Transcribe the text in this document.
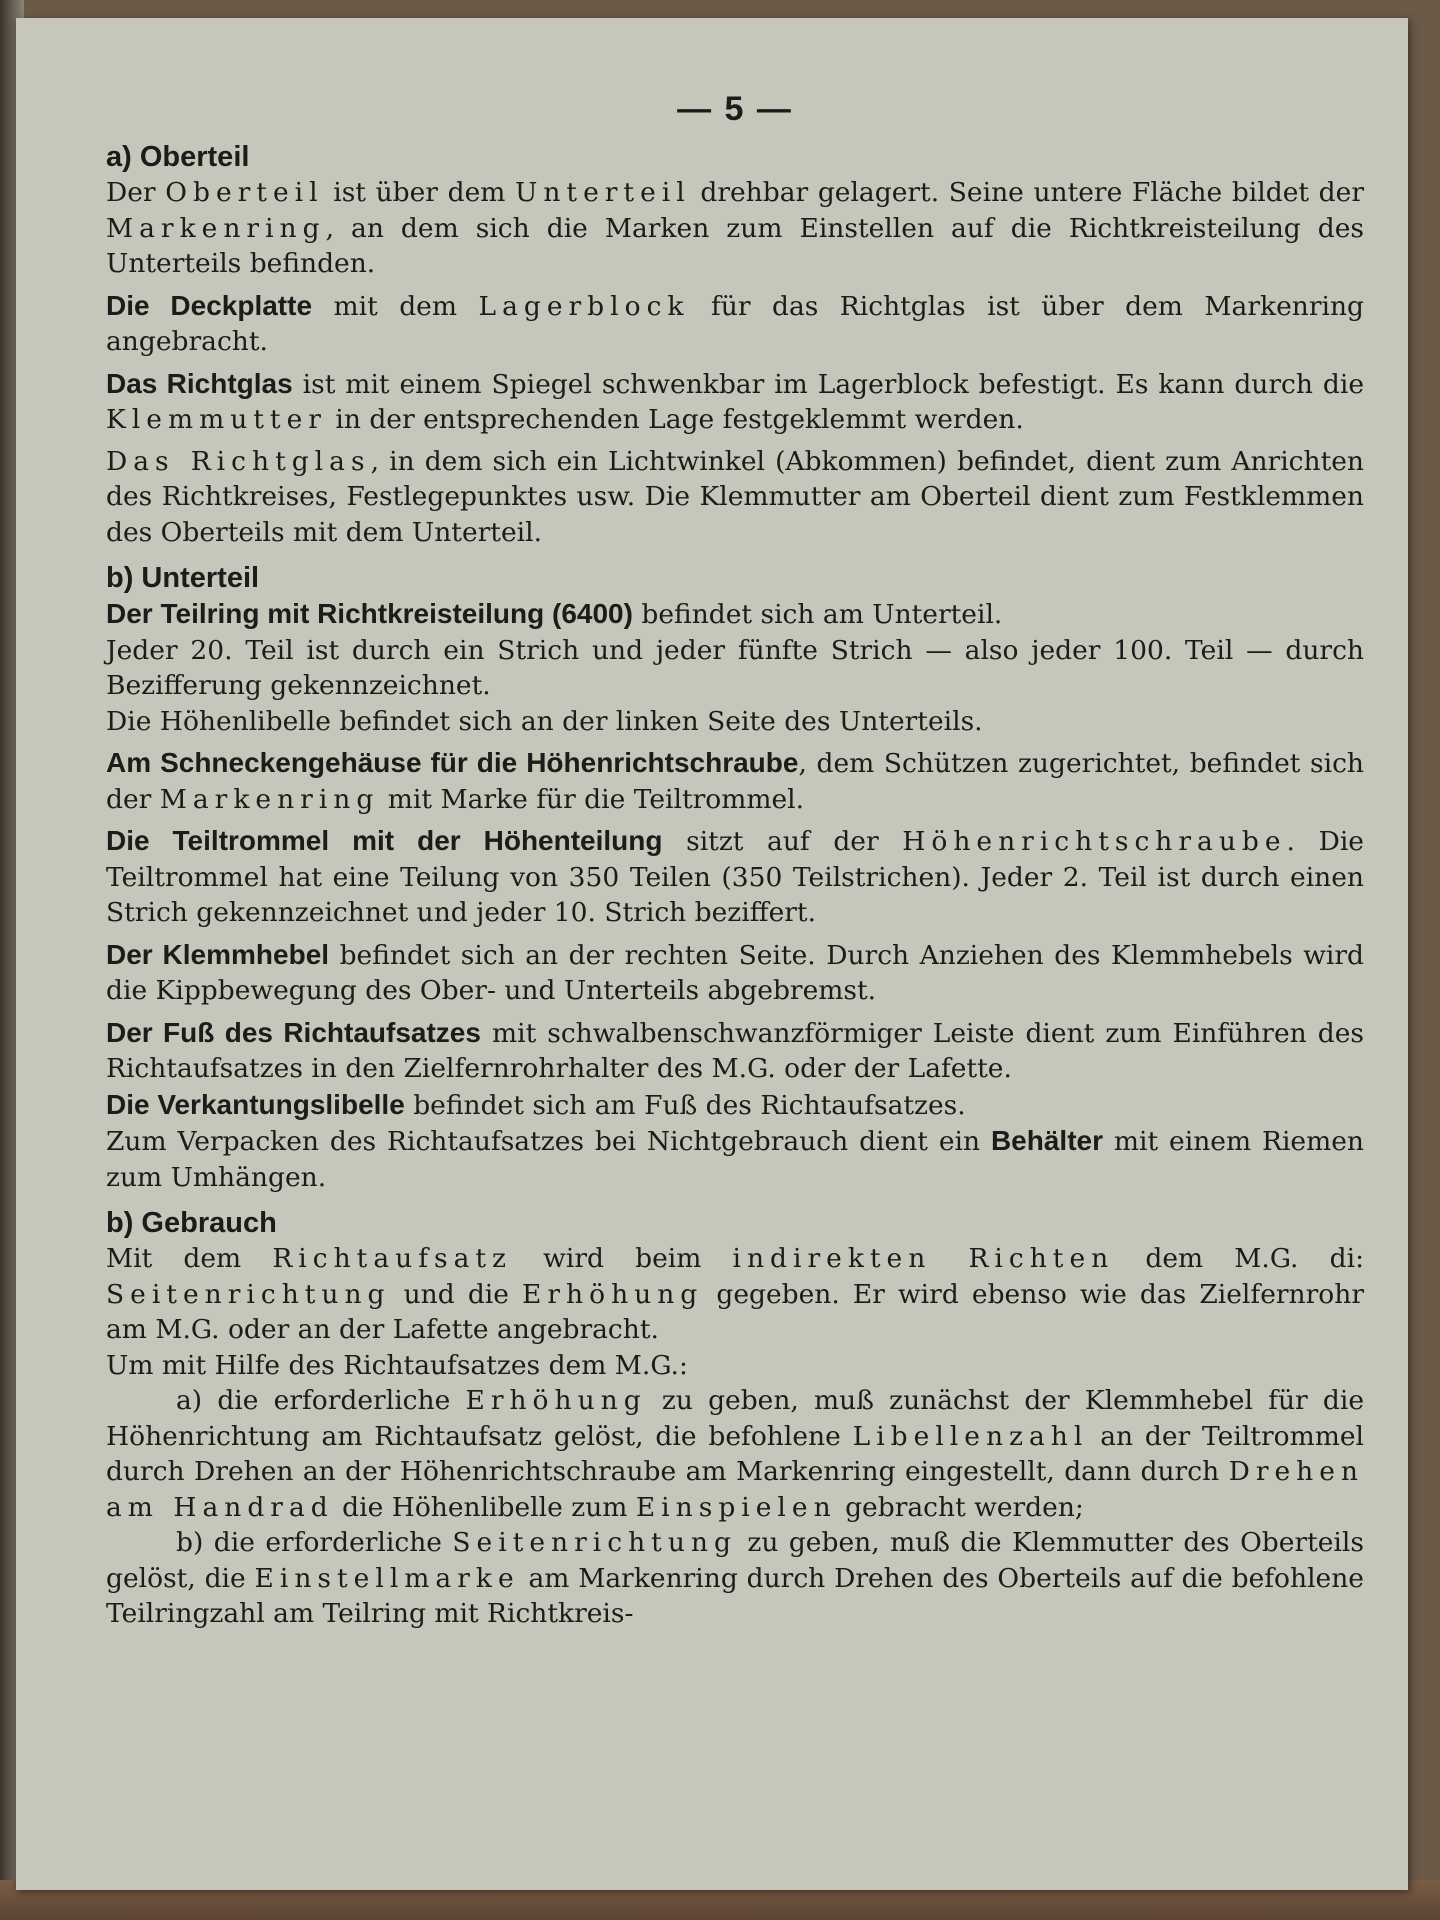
— 5 —
a) Oberteil

Der Oberteil ist über dem Unterteil drehbar gelagert. Seine untere Fläche bildet der Markenring, an dem sich die Marken zum Einstellen auf die Richtkreisteilung des Unterteils befinden.

Die Deckplatte mit dem Lagerblock für das Richtglas ist über dem Markenring angebracht.

Das Richtglas ist mit einem Spiegel schwenkbar im Lagerblock befestigt. Es kann durch die Klemmutter in der entsprechenden Lage festgeklemmt werden.

Das Richtglas, in dem sich ein Lichtwinkel (Abkommen) befindet, dient zum Anrichten des Richtkreises, Festlegepunktes usw. Die Klemmutter am Oberteil dient zum Festklemmen des Oberteils mit dem Unterteil.

b) Unterteil

Der Teilring mit Richtkreisteilung (6400) befindet sich am Unterteil.

Jeder 20. Teil ist durch ein Strich und jeder fünfte Strich — also jeder 100. Teil — durch Bezifferung gekennzeichnet.

Die Höhenlibelle befindet sich an der linken Seite des Unterteils.

Am Schneckengehäuse für die Höhenrichtschraube, dem Schützen zugerichtet, befindet sich der Markenring mit Marke für die Teiltrommel.

Die Teiltrommel mit der Höhenteilung sitzt auf der Höhenrichtschraube. Die Teiltrommel hat eine Teilung von 350 Teilen (350 Teilstrichen). Jeder 2. Teil ist durch einen Strich gekennzeichnet und jeder 10. Strich beziffert.

Der Klemmhebel befindet sich an der rechten Seite. Durch Anziehen des Klemmhebels wird die Kippbewegung des Ober- und Unterteils abgebremst.

Der Fuß des Richtaufsatzes mit schwalbenschwanzförmiger Leiste dient zum Einführen des Richtaufsatzes in den Zielfernrohrhalter des M.G. oder der Lafette.

Die Verkantungslibelle befindet sich am Fuß des Richtaufsatzes.

Zum Verpacken des Richtaufsatzes bei Nichtgebrauch dient ein Behälter mit einem Riemen zum Umhängen.

b) Gebrauch

Mit dem Richtaufsatz wird beim indirekten Richten dem M.G. di: Seitenrichtung und die Erhöhung gegeben. Er wird ebenso wie das Zielfernrohr am M.G. oder an der Lafette angebracht.

Um mit Hilfe des Richtaufsatzes dem M.G.:

a) die erforderliche Erhöhung zu geben, muß zunächst der Klemmhebel für die Höhenrichtung am Richtaufsatz gelöst, die befohlene Libellenzahl an der Teiltrommel durch Drehen an der Höhenrichtschraube am Markenring eingestellt, dann durch Drehen am Handrad die Höhenlibelle zum Einspielen gebracht werden;

b) die erforderliche Seitenrichtung zu geben, muß die Klemmutter des Oberteils gelöst, die Einstellmarke am Markenring durch Drehen des Oberteils auf die befohlene Teilringzahl am Teilring mit Richtkreis-
